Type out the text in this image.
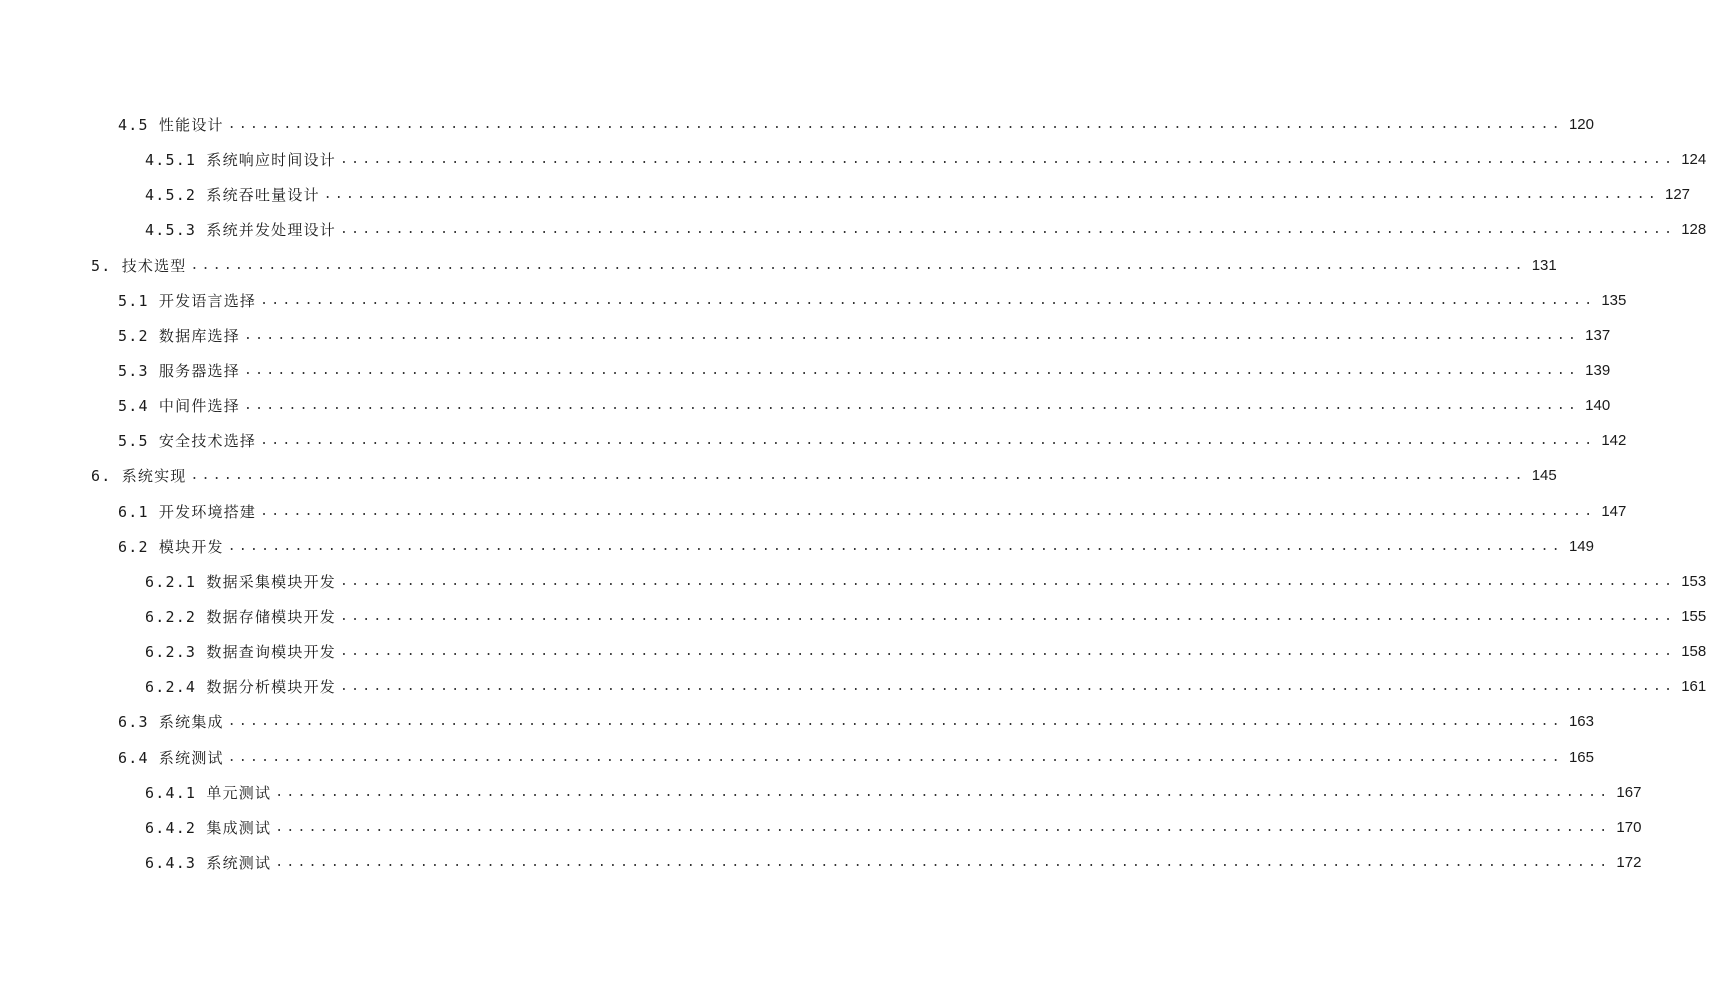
4.5 性能设计 ........................................................................................................................ 120
4.5.1 系统响应时间设计 ........................................................................................................................ 124
4.5.2 系统吞吐量设计 ........................................................................................................................ 127
4.5.3 系统并发处理设计 ........................................................................................................................ 128
5. 技术选型 ........................................................................................................................ 131
5.1 开发语言选择 ........................................................................................................................ 135
5.2 数据库选择 ........................................................................................................................ 137
5.3 服务器选择 ........................................................................................................................ 139
5.4 中间件选择 ........................................................................................................................ 140
5.5 安全技术选择 ........................................................................................................................ 142
6. 系统实现 ........................................................................................................................ 145
6.1 开发环境搭建 ........................................................................................................................ 147
6.2 模块开发 ........................................................................................................................ 149
6.2.1 数据采集模块开发 ........................................................................................................................ 153
6.2.2 数据存储模块开发 ........................................................................................................................ 155
6.2.3 数据查询模块开发 ........................................................................................................................ 158
6.2.4 数据分析模块开发 ........................................................................................................................ 161
6.3 系统集成 ........................................................................................................................ 163
6.4 系统测试 ........................................................................................................................ 165
6.4.1 单元测试 ........................................................................................................................ 167
6.4.2 集成测试 ........................................................................................................................ 170
6.4.3 系统测试 ........................................................................................................................ 172
